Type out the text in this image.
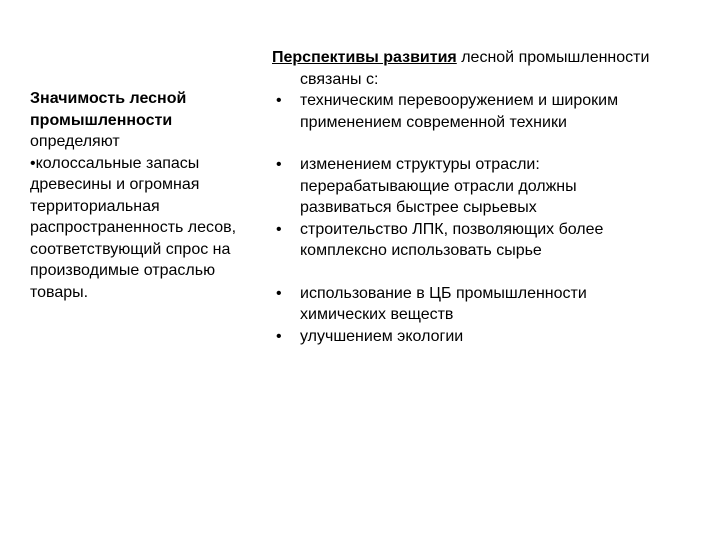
Значимость лесной
промышленности
определяют
•колоссальные запасы
древесины и огромная
территориальная
распространенность лесов,
соответствующий спрос на
производимые отраслью
товары.
Перспективы развития лесной промышленности
связаны с:
• техническим перевооружением и широким
применением современной техники
• изменением структуры отрасли:
перерабатывающие отрасли должны
развиваться быстрее сырьевых
• строительство ЛПК, позволяющих более
комплексно использовать сырье
• использование в ЦБ промышленности
химических веществ
• улучшением экологии
